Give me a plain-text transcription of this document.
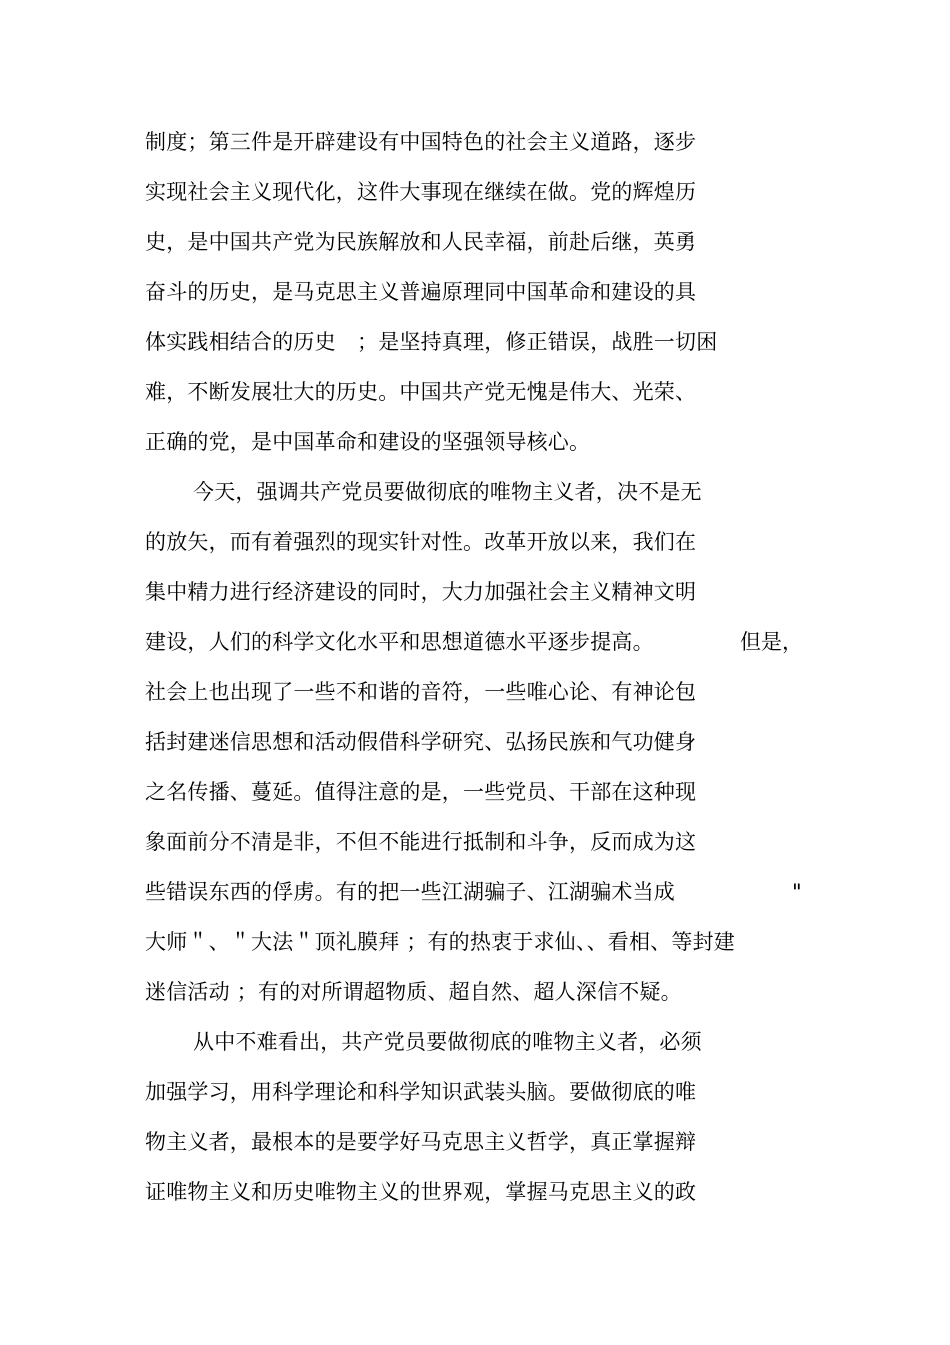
制度；第三件是开辟建设有中国特色的社会主义道路，逐步
实现社会主义现代化，这件大事现在继续在做。党的辉煌历
史，是中国共产党为民族解放和人民幸福，前赴后继，英勇
奋斗的历史，是马克思主义普遍原理同中国革命和建设的具
体实践相结合的历史　；是坚持真理，修正错误，战胜一切困
难，不断发展壮大的历史。中国共产党无愧是伟大、光荣、
正确的党，是中国革命和建设的坚强领导核心。
今天，强调共产党员要做彻底的唯物主义者，决不是无
的放矢，而有着强烈的现实针对性。改革开放以来，我们在
集中精力进行经济建设的同时，大力加强社会主义精神文明
建设，人们的科学文化水平和思想道德水平逐步提高。	但是，
社会上也出现了一些不和谐的音符，一些唯心论、有神论包
括封建迷信思想和活动假借科学研究、弘扬民族和气功健身
之名传播、蔓延。值得注意的是，一些党员、干部在这种现
象面前分不清是非，不但不能进行抵制和斗争，反而成为这
些错误东西的俘虏。有的把一些江湖骗子、江湖骗术当成	"
大师＂、＂大法＂顶礼膜拜 ；有的热衷于求仙、、看相、等封建
迷信活动 ；有的对所谓超物质、超自然、超人深信不疑。
从中不难看出，共产党员要做彻底的唯物主义者，必须
加强学习，用科学理论和科学知识武装头脑。要做彻底的唯
物主义者，最根本的是要学好马克思主义哲学，真正掌握辩
证唯物主义和历史唯物主义的世界观，掌握马克思主义的政
